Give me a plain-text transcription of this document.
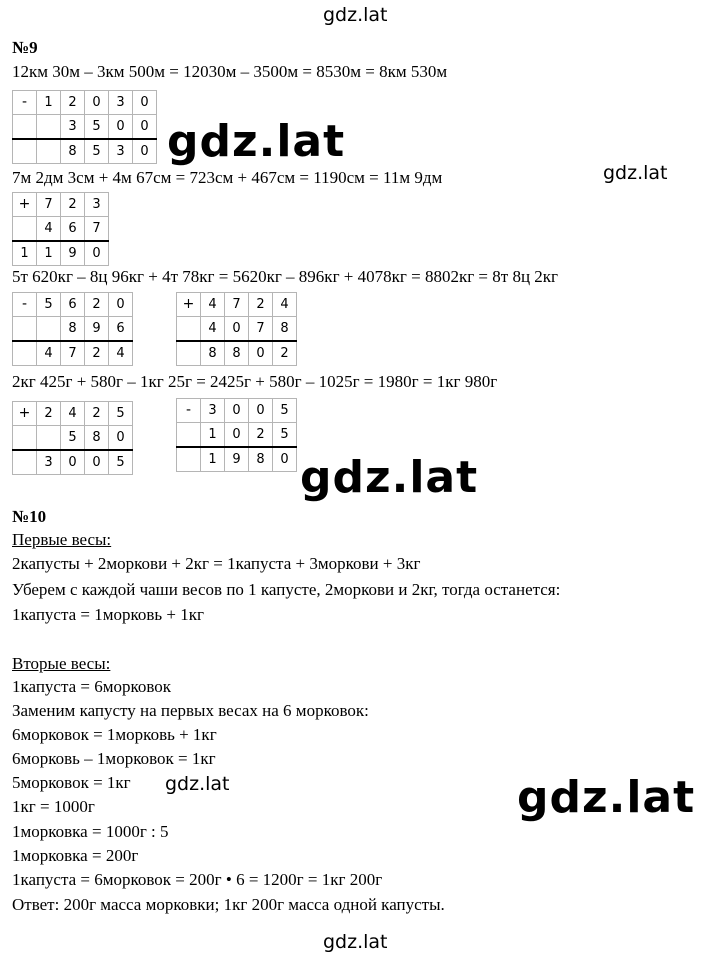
gdz.lat
gdz.lat
gdz.lat
gdz.lat
gdz.lat	gdz.lat
gdz.lat
№9
12км 30м – 3км 500м = 12030м – 3500м = 8530м = 8км 530м
-	1	2	0	3	0
		3	5	0	0
		8	5	3	0
7м 2дм 3см + 4м 67см = 723см + 467см = 1190см = 11м 9дм
+	7	2	3
	4	6	7
1	1	9	0
5т 620кг – 8ц 96кг + 4т 78кг = 5620кг – 896кг + 4078кг = 8802кг = 8т 8ц 2кг
-	5	6	2	0
		8	9	6
	4	7	2	4
+	4	7	2	4
	4	0	7	8
	8	8	0	2
2кг 425г + 580г – 1кг 25г = 2425г + 580г – 1025г = 1980г = 1кг 980г
+	2	4	2	5
		5	8	0
	3	0	0	5
-	3	0	0	5
	1	0	2	5
	1	9	8	0
№10
Первые весы:
2капусты + 2моркови + 2кг = 1капуста + 3моркови + 3кг
Уберем с каждой чаши весов по 1 капусте, 2моркови и 2кг, тогда останется:
1капуста = 1морковь + 1кг
Вторые весы:
1капуста = 6морковок
Заменим капусту на первых весах на 6 морковок:
6морковок = 1морковь + 1кг
6морковь – 1морковок = 1кг
5морковок = 1кг
1кг = 1000г
1морковка = 1000г : 5
1морковка = 200г
1капуста = 6морковок = 200г • 6 = 1200г = 1кг 200г
Ответ: 200г масса морковки; 1кг 200г масса одной капусты.
